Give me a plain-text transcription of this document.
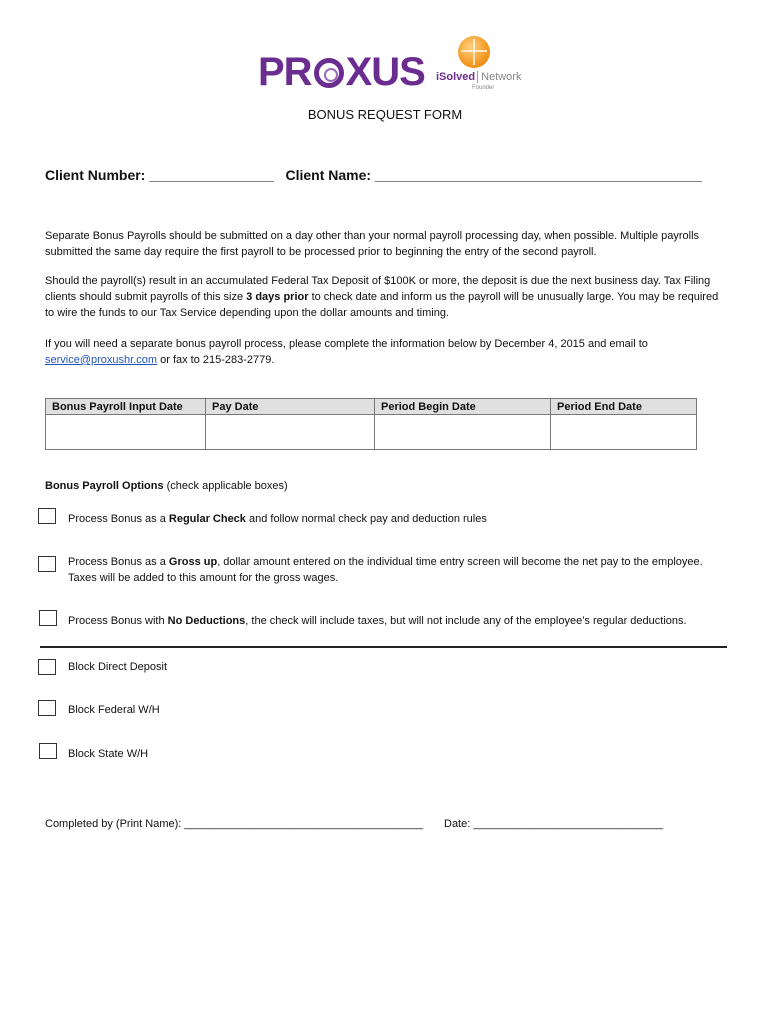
PR XUS iSolved Network
Founder
BONUS REQUEST FORM
Client Number: ________________ Client Name: __________________________________________
Separate Bonus Payrolls should be submitted on a day other than your normal payroll processing day, when possible. Multiple payrolls submitted the same day require the first payroll to be processed prior to beginning the entry of the second payroll.
Should the payroll(s) result in an accumulated Federal Tax Deposit of $100K or more, the deposit is due the next business day. Tax Filing clients should submit payrolls of this size 3 days prior to check date and inform us the payroll will be unusually large. You may be required to wire the funds to our Tax Service depending upon the dollar amounts and timing.
If you will need a separate bonus payroll process, please complete the information below by December 4, 2015 and email to service@proxushr.com or fax to 215-283-2779.
Bonus Payroll Input Date	Pay Date	Period Begin Date	Period End Date

Bonus Payroll Options (check applicable boxes)
Process Bonus as a Regular Check and follow normal check pay and deduction rules
Process Bonus as a Gross up, dollar amount entered on the individual time entry screen will become the net pay to the employee. Taxes will be added to this amount for the gross wages.
Process Bonus with No Deductions, the check will include taxes, but will not include any of the employee’s regular deductions.
Block Direct Deposit
Block Federal W/H
Block State W/H
Completed by (Print Name): _______________________________________ Date: _______________________________
